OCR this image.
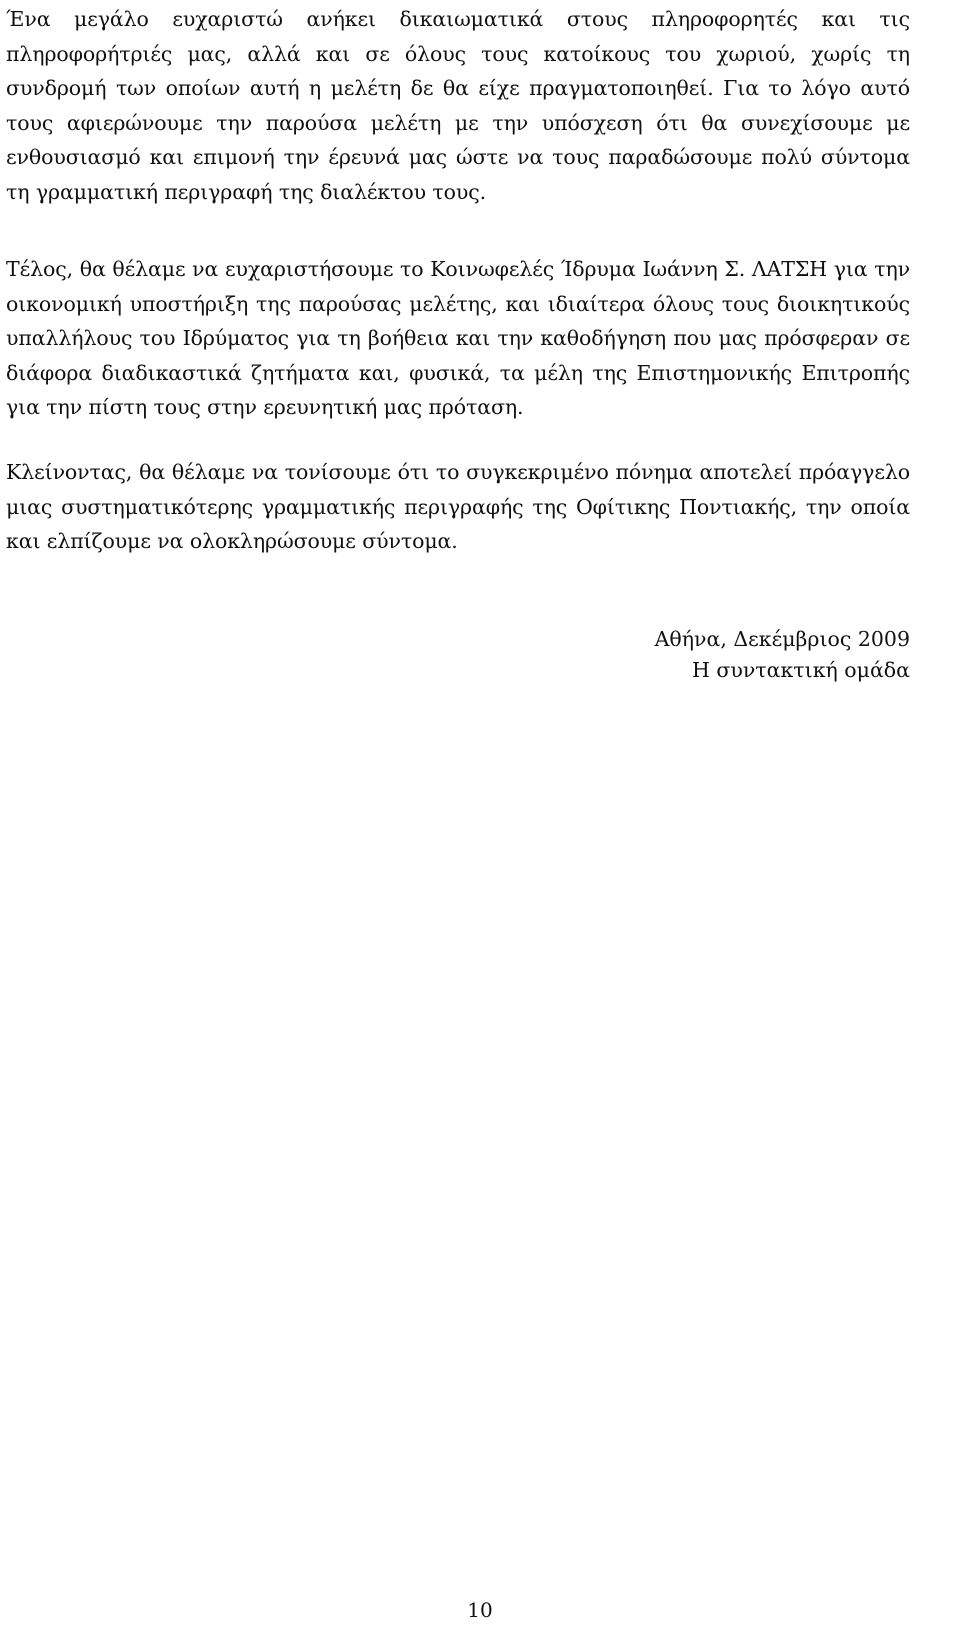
Ένα μεγάλο ευχαριστώ ανήκει δικαιωματικά στους πληροφορητές και τις πληροφορήτριές μας, αλλά και σε όλους τους κατοίκους του χωριού, χωρίς τη συνδρομή των οποίων αυτή η μελέτη δε θα είχε πραγματοποιηθεί. Για το λόγο αυτό τους αφιερώνουμε την παρούσα μελέτη με την υπόσχεση ότι θα συνεχίσουμε με ενθουσιασμό και επιμονή την έρευνά μας ώστε να τους παραδώσουμε πολύ σύντομα τη γραμματική περιγραφή της διαλέκτου τους.

Τέλος, θα θέλαμε να ευχαριστήσουμε το Κοινωφελές Ίδρυμα Ιωάννη Σ. ΛΑΤΣΗ για την οικονομική υποστήριξη της παρούσας μελέτης, και ιδιαίτερα όλους τους διοικητικούς υπαλλήλους του Ιδρύματος για τη βοήθεια και την καθοδήγηση που μας πρόσφεραν σε διάφορα διαδικαστικά ζητήματα και, φυσικά, τα μέλη της Επιστημονικής Επιτροπής για την πίστη τους στην ερευνητική μας πρόταση.

Κλείνοντας, θα θέλαμε να τονίσουμε ότι το συγκεκριμένο πόνημα αποτελεί πρόαγγελο μιας συστηματικότερης γραμματικής περιγραφής της Οφίτικης Ποντιακής, την οποία και ελπίζουμε να ολοκληρώσουμε σύντομα.

Αθήνα, Δεκέμβριος 2009
Η συντακτική ομάδα
10
